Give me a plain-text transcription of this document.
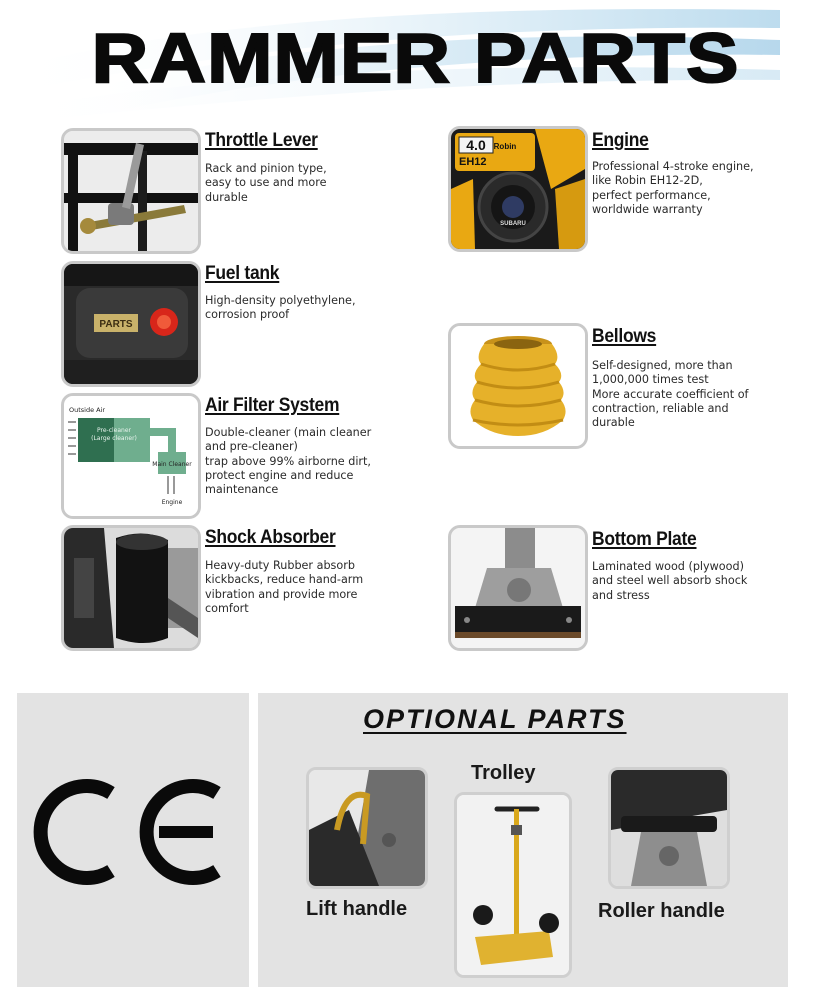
RAMMER PARTS
Throttle Lever

Rack and pinion type,
easy to use and more
durable

4.0 Robin
EH12
SUBARU
Engine

Professional 4-stroke engine,
like Robin EH12-2D,
perfect performance,
worldwide warranty

PARTS
Fuel tank

High-density polyethylene,
corrosion proof

Bellows

Self-designed, more than
1,000,000 times test
More accurate coefficient of
contraction, reliable and
durable

Outside Air
Pre-cleaner
(Large cleaner)
Main Cleaner
Engine
Air Filter System

Double-cleaner (main cleaner
and pre-cleaner)
trap above 99% airborne dirt,
protect engine and reduce
maintenance

Shock Absorber

Heavy-duty Rubber absorb
kickbacks, reduce hand-arm
vibration and provide more
comfort

Bottom Plate

Laminated wood (plywood)
and steel well absorb shock
and stress

OPTIONAL PARTS

Lift handle

Trolley

Roller handle
